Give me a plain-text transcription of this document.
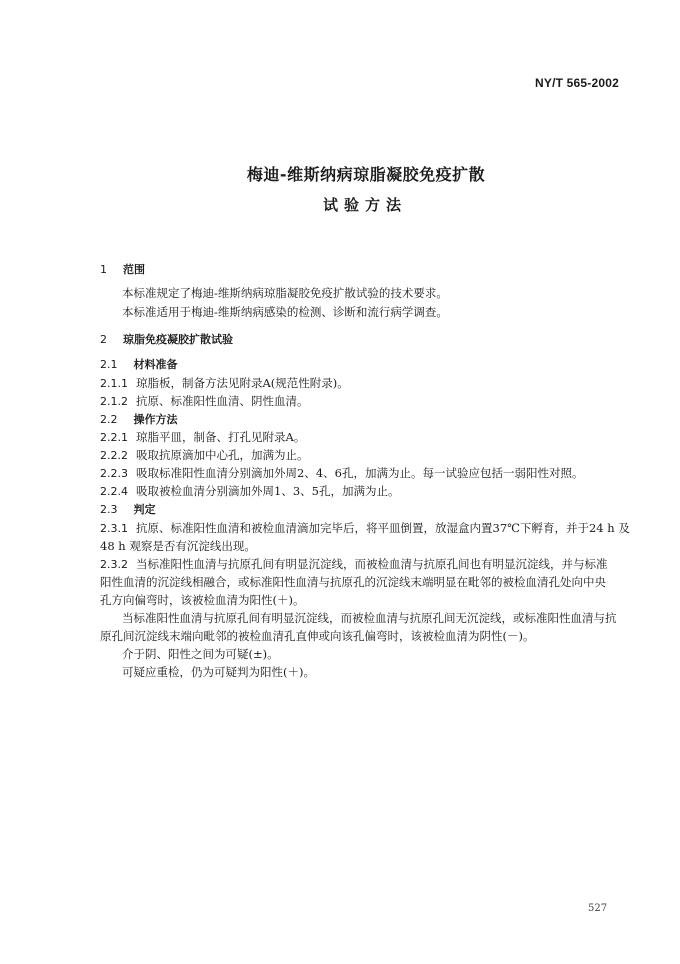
NY/T 565-2002
梅迪-维斯纳病琼脂凝胶免疫扩散
试验方法
1 范围
本标准规定了梅迪-维斯纳病琼脂凝胶免疫扩散试验的技术要求。
本标准适用于梅迪-维斯纳病感染的检测、诊断和流行病学调查。
2 琼脂免疫凝胶扩散试验
2.1 材料准备
2.1.1 琼脂板，制备方法见附录A(规范性附录)。
2.1.2 抗原、标准阳性血清、阴性血清。
2.2 操作方法
2.2.1 琼脂平皿，制备、打孔见附录A。
2.2.2 吸取抗原滴加中心孔，加满为止。
2.2.3 吸取标准阳性血清分别滴加外周2、4、6孔，加满为止。每一试验应包括一弱阳性对照。
2.2.4 吸取被检血清分别滴加外周1、3、5孔，加满为止。
2.3 判定
2.3.1 抗原、标准阳性血清和被检血清滴加完毕后，将平皿倒置，放湿盒内置37℃下孵育，并于24 h 及
48 h 观察是否有沉淀线出现。
2.3.2 当标准阳性血清与抗原孔间有明显沉淀线，而被检血清与抗原孔间也有明显沉淀线，并与标准
阳性血清的沉淀线相融合，或标准阳性血清与抗原孔的沉淀线末端明显在毗邻的被检血清孔处向中央
孔方向偏弯时，该被检血清为阳性(＋)。
当标准阳性血清与抗原孔间有明显沉淀线，而被检血清与抗原孔间无沉淀线，或标准阳性血清与抗
原孔间沉淀线末端向毗邻的被检血清孔直伸或向该孔偏弯时，该被检血清为阴性(－)。
介于阴、阳性之间为可疑(±)。
可疑应重检，仍为可疑判为阳性(＋)。
527
